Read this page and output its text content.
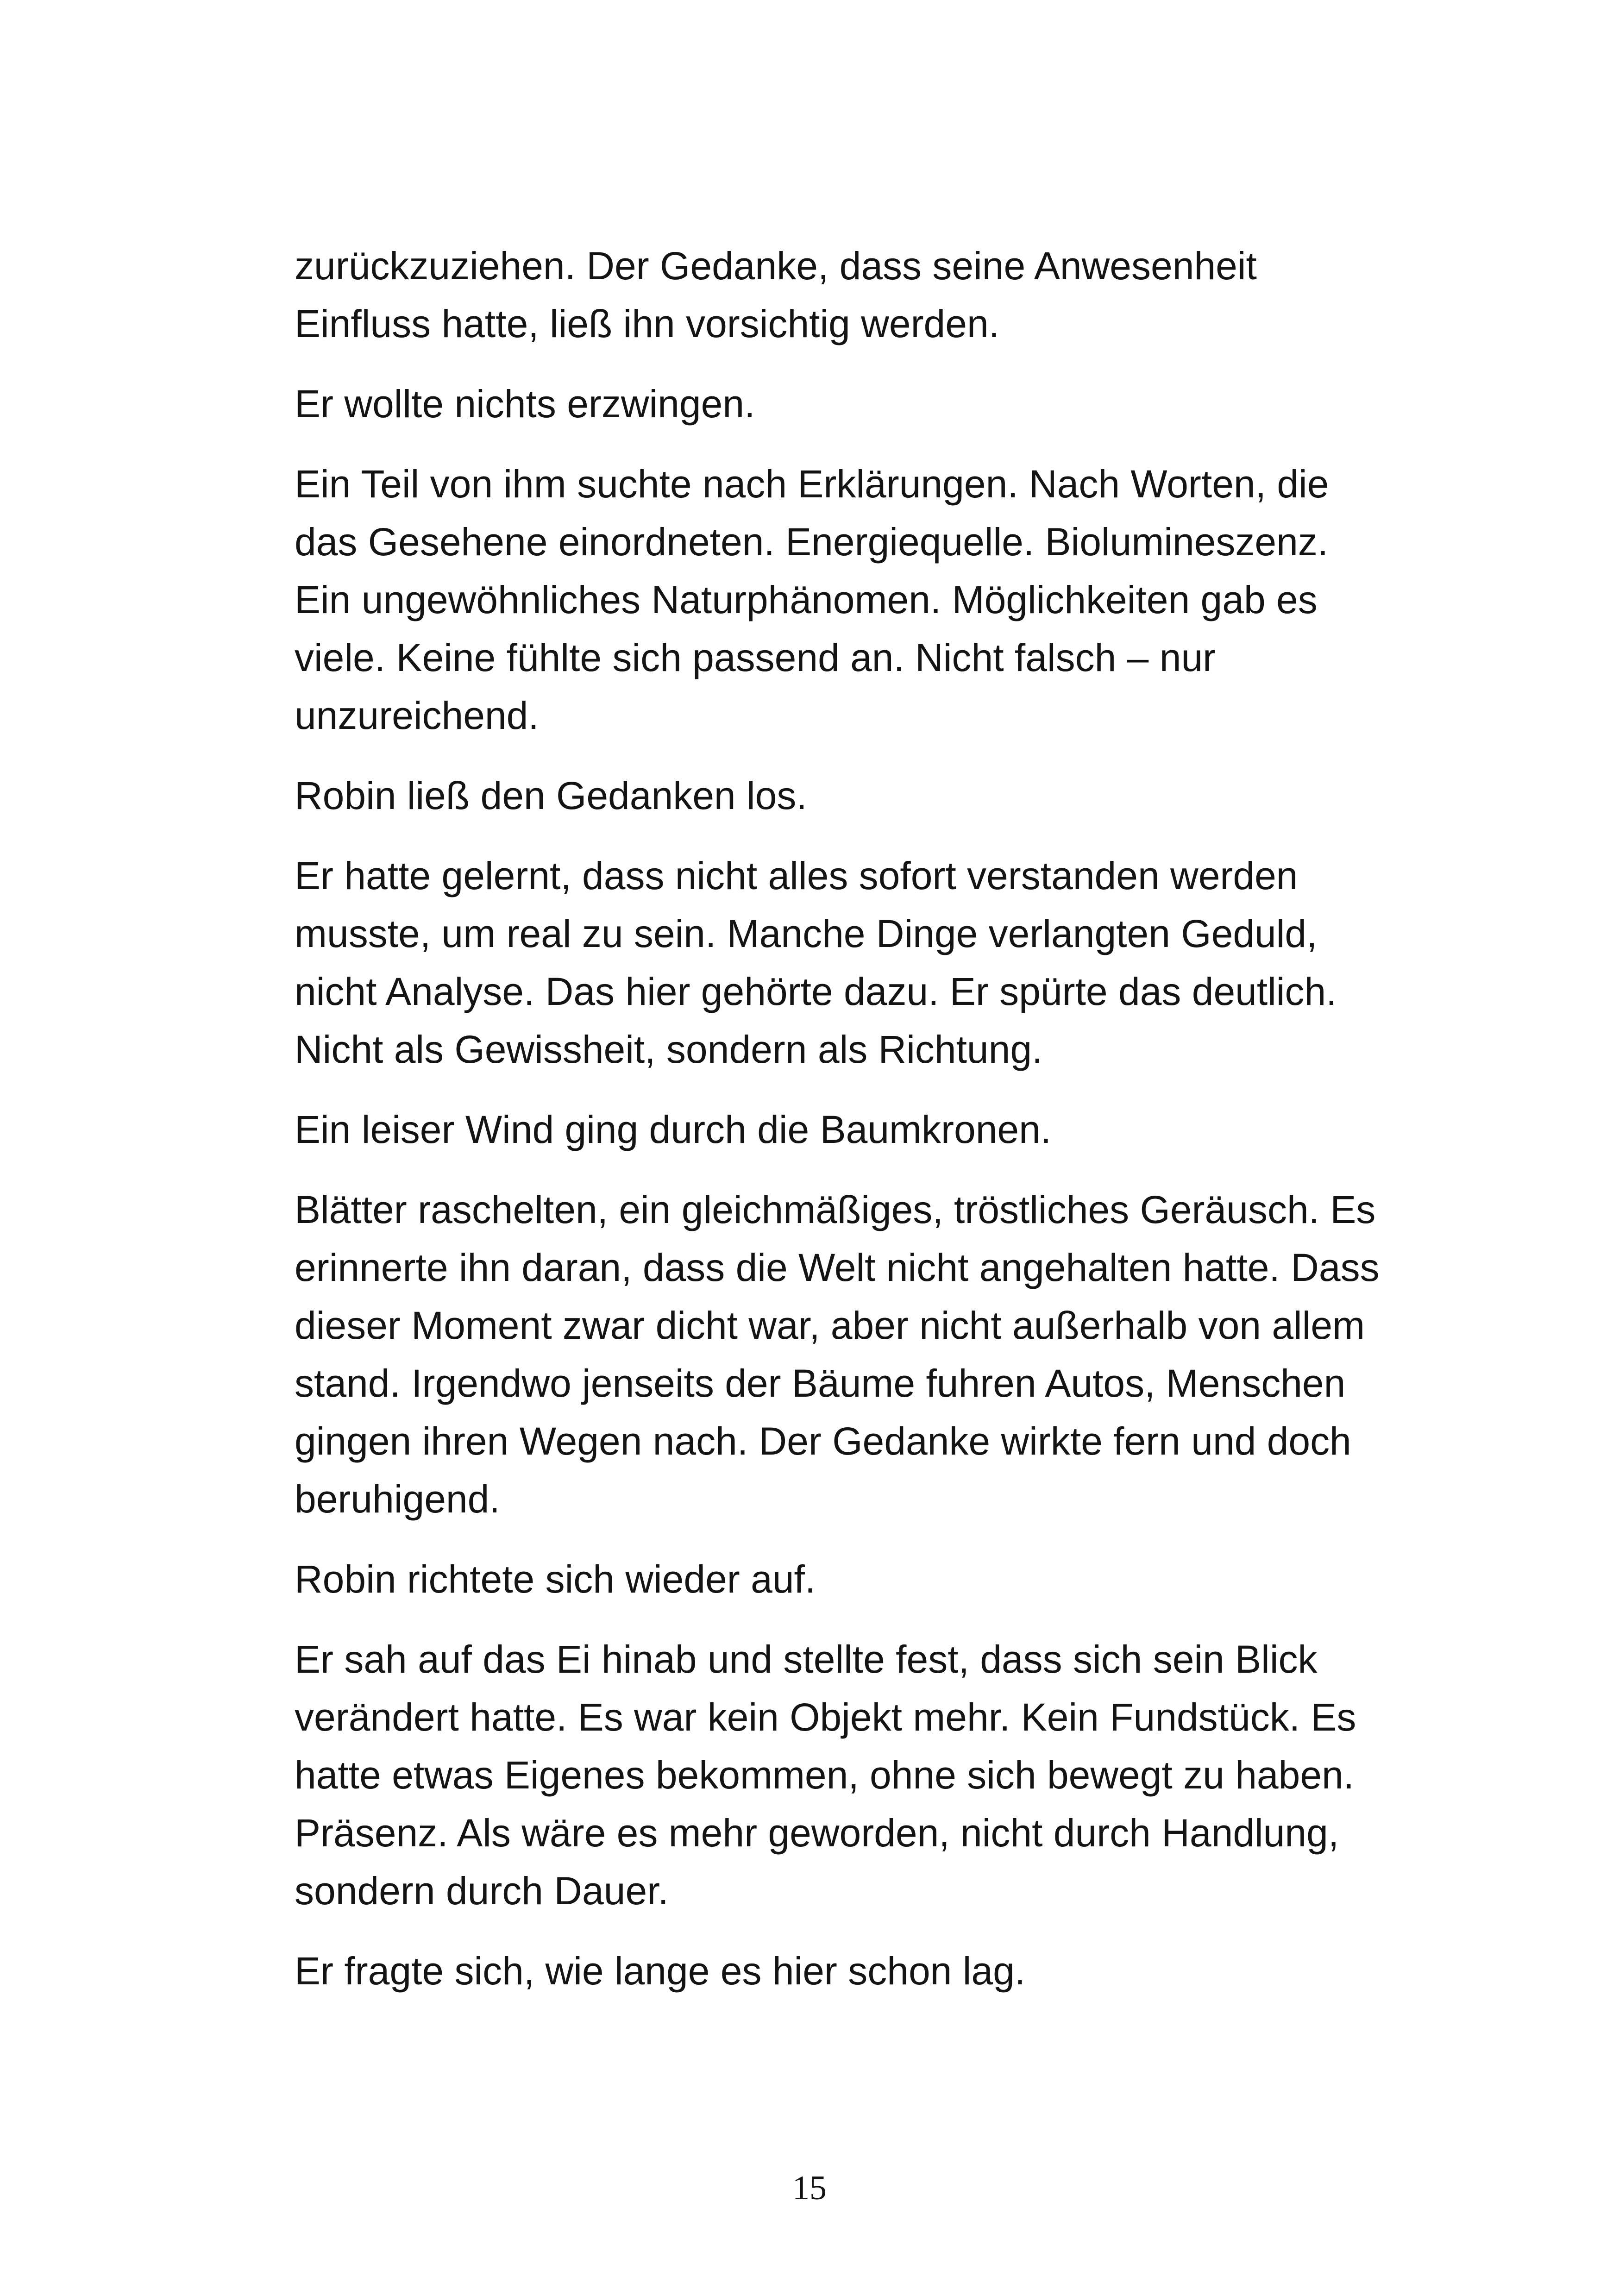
zurückzuziehen. Der Gedanke, dass seine Anwesenheit
Einfluss hatte, ließ ihn vorsichtig werden.

Er wollte nichts erzwingen.

Ein Teil von ihm suchte nach Erklärungen. Nach Worten, die
das Gesehene einordneten. Energiequelle. Biolumineszenz.
Ein ungewöhnliches Naturphänomen. Möglichkeiten gab es
viele. Keine fühlte sich passend an. Nicht falsch – nur
unzureichend.

Robin ließ den Gedanken los.

Er hatte gelernt, dass nicht alles sofort verstanden werden
musste, um real zu sein. Manche Dinge verlangten Geduld,
nicht Analyse. Das hier gehörte dazu. Er spürte das deutlich.
Nicht als Gewissheit, sondern als Richtung.

Ein leiser Wind ging durch die Baumkronen.

Blätter raschelten, ein gleichmäßiges, tröstliches Geräusch. Es
erinnerte ihn daran, dass die Welt nicht angehalten hatte. Dass
dieser Moment zwar dicht war, aber nicht außerhalb von allem
stand. Irgendwo jenseits der Bäume fuhren Autos, Menschen
gingen ihren Wegen nach. Der Gedanke wirkte fern und doch
beruhigend.

Robin richtete sich wieder auf.

Er sah auf das Ei hinab und stellte fest, dass sich sein Blick
verändert hatte. Es war kein Objekt mehr. Kein Fundstück. Es
hatte etwas Eigenes bekommen, ohne sich bewegt zu haben.
Präsenz. Als wäre es mehr geworden, nicht durch Handlung,
sondern durch Dauer.

Er fragte sich, wie lange es hier schon lag.

15
